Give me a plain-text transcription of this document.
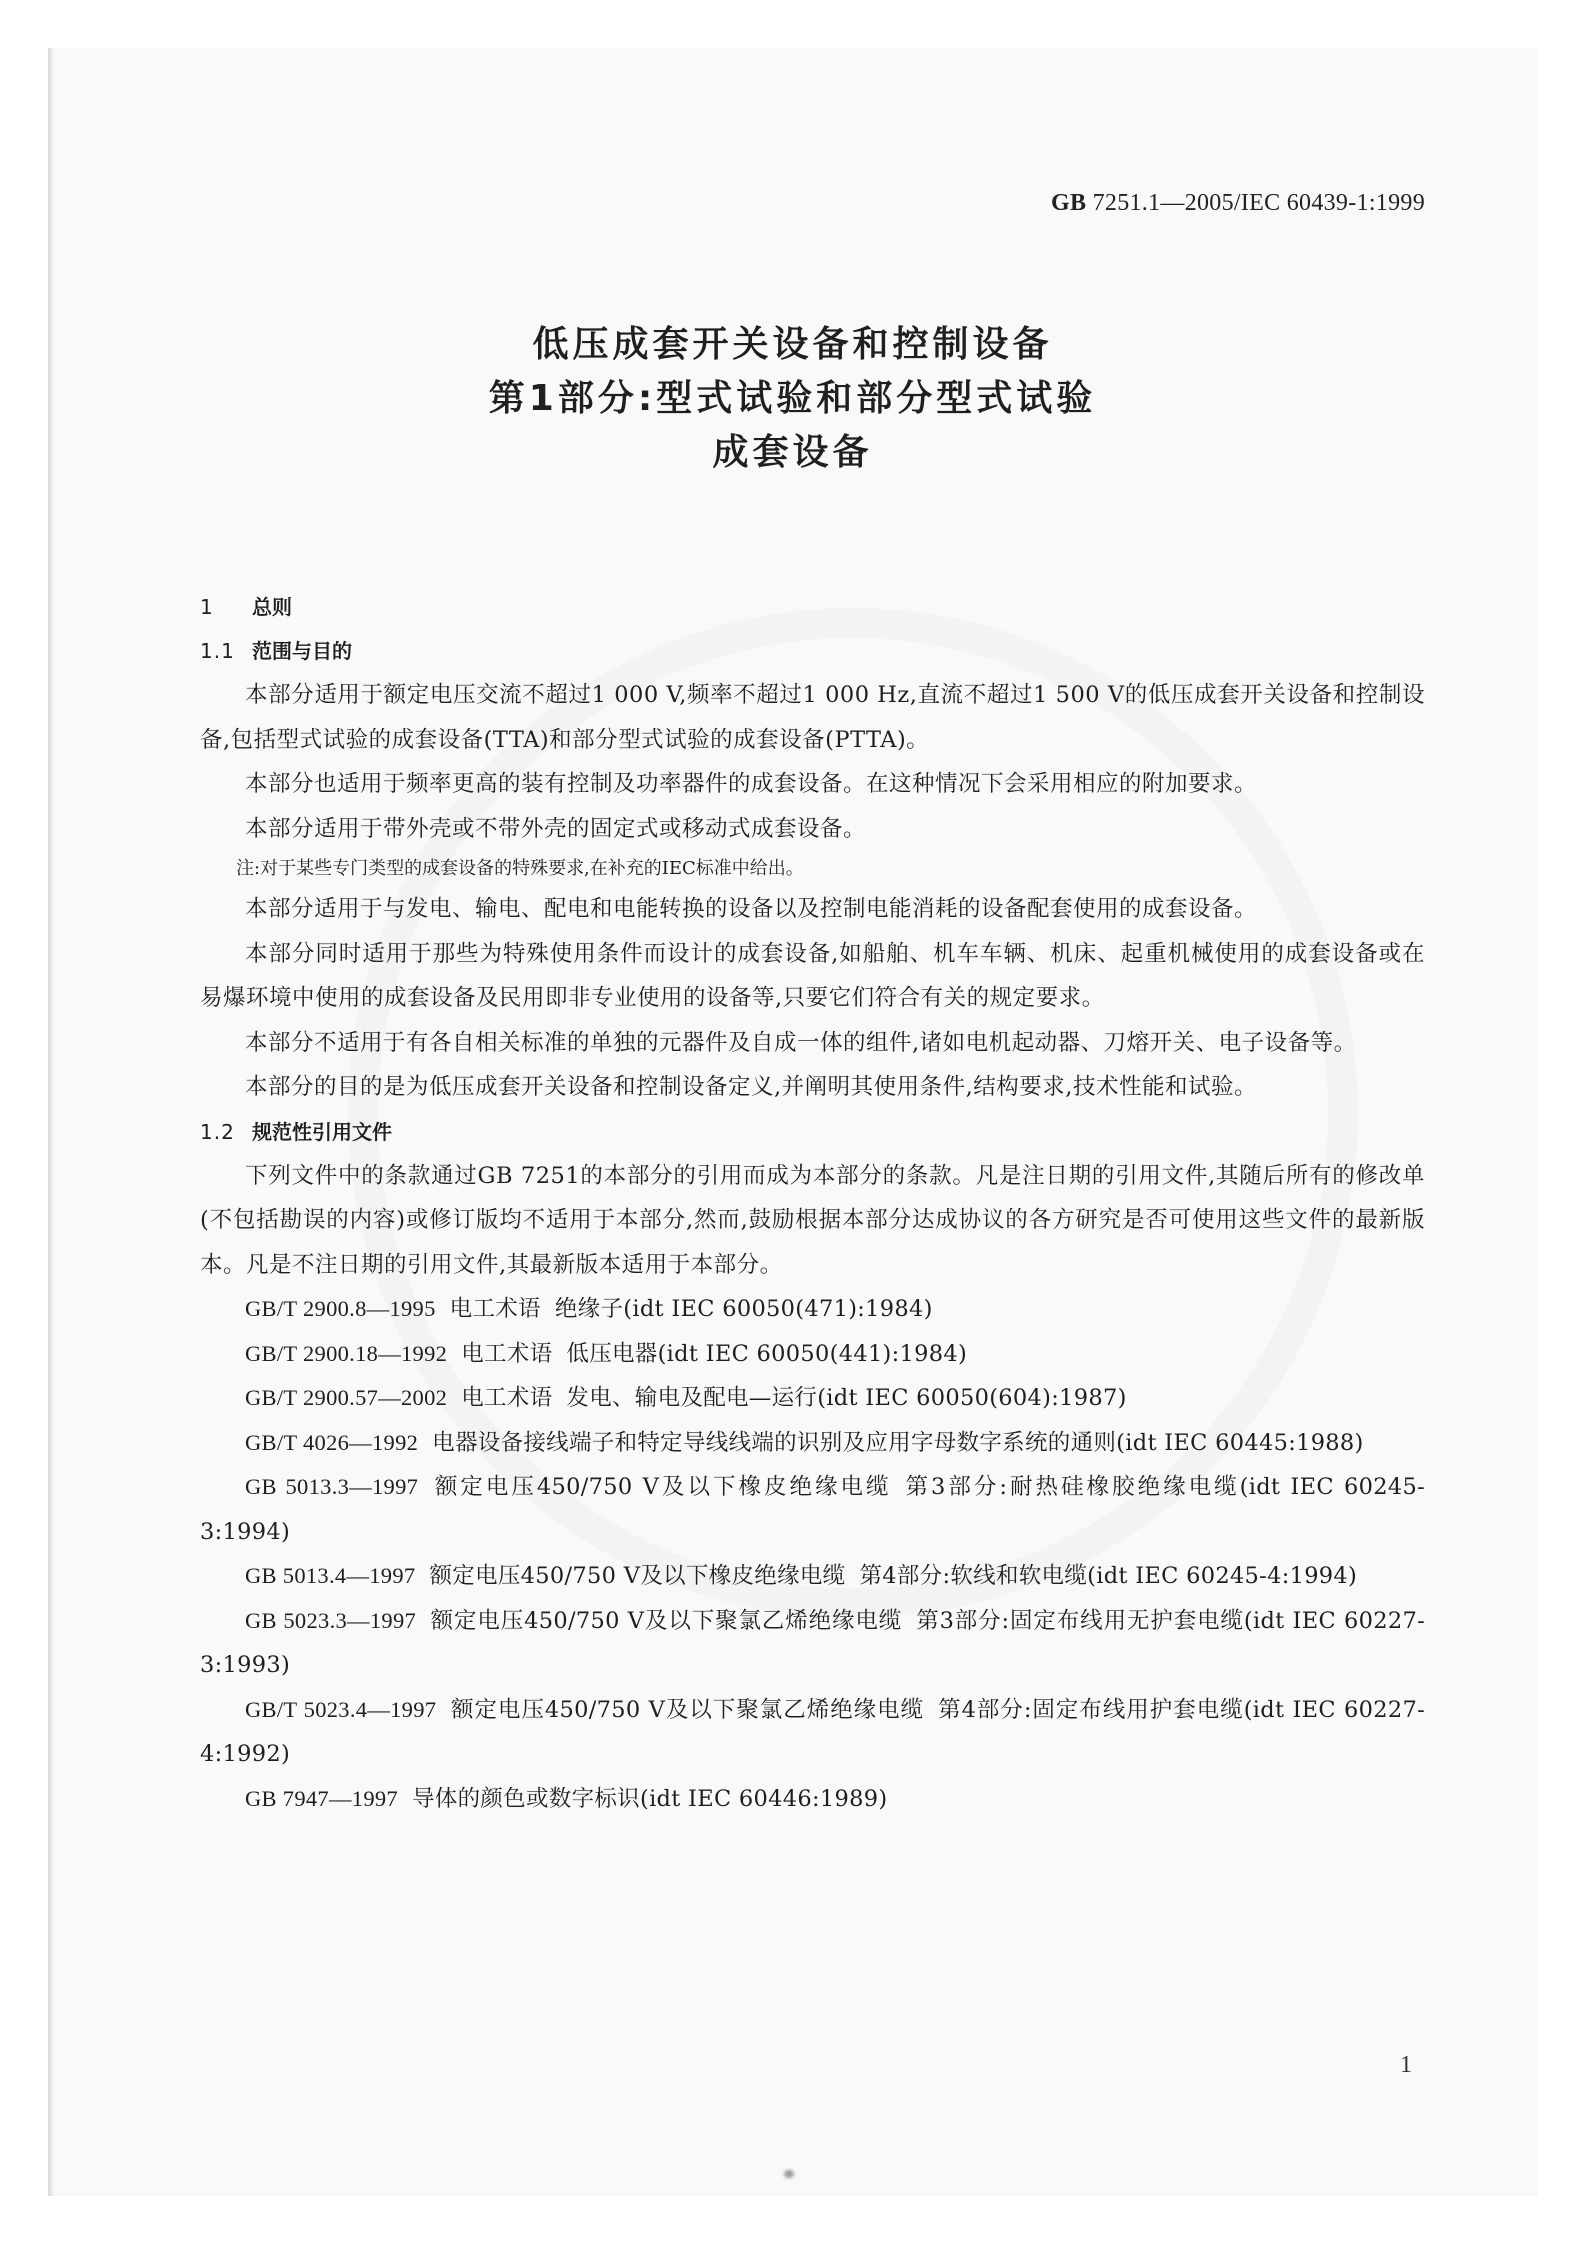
GB 7251.1—2005/IEC 60439-1:1999
低压成套开关设备和控制设备
第1部分:型式试验和部分型式试验
成套设备
1 总则
1.1 范围与目的

本部分适用于额定电压交流不超过1 000 V,频率不超过1 000 Hz,直流不超过1 500 V的低压成套开关设备和控制设备,包括型式试验的成套设备(TTA)和部分型式试验的成套设备(PTTA)。

本部分也适用于频率更高的装有控制及功率器件的成套设备。在这种情况下会采用相应的附加要求。

本部分适用于带外壳或不带外壳的固定式或移动式成套设备。

注:对于某些专门类型的成套设备的特殊要求,在补充的IEC标准中给出。

本部分适用于与发电、输电、配电和电能转换的设备以及控制电能消耗的设备配套使用的成套设备。

本部分同时适用于那些为特殊使用条件而设计的成套设备,如船舶、机车车辆、机床、起重机械使用的成套设备或在易爆环境中使用的成套设备及民用即非专业使用的设备等,只要它们符合有关的规定要求。

本部分不适用于有各自相关标准的单独的元器件及自成一体的组件,诸如电机起动器、刀熔开关、电子设备等。

本部分的目的是为低压成套开关设备和控制设备定义,并阐明其使用条件,结构要求,技术性能和试验。

1.2 规范性引用文件

下列文件中的条款通过GB 7251的本部分的引用而成为本部分的条款。凡是注日期的引用文件,其随后所有的修改单(不包括勘误的内容)或修订版均不适用于本部分,然而,鼓励根据本部分达成协议的各方研究是否可使用这些文件的最新版本。凡是不注日期的引用文件,其最新版本适用于本部分。

GB/T 2900.8—1995 电工术语 绝缘子(idt IEC 60050(471):1984)

GB/T 2900.18—1992 电工术语 低压电器(idt IEC 60050(441):1984)

GB/T 2900.57—2002 电工术语 发电、输电及配电—运行(idt IEC 60050(604):1987)

GB/T 4026—1992 电器设备接线端子和特定导线线端的识别及应用字母数字系统的通则(idt IEC 60445:1988)

GB 5013.3—1997 额定电压450/750 V及以下橡皮绝缘电缆 第3部分:耐热硅橡胶绝缘电缆(idt IEC 60245-3:1994)

GB 5013.4—1997 额定电压450/750 V及以下橡皮绝缘电缆 第4部分:软线和软电缆(idt IEC 60245-4:1994)

GB 5023.3—1997 额定电压450/750 V及以下聚氯乙烯绝缘电缆 第3部分:固定布线用无护套电缆(idt IEC 60227-3:1993)

GB/T 5023.4—1997 额定电压450/750 V及以下聚氯乙烯绝缘电缆 第4部分:固定布线用护套电缆(idt IEC 60227-4:1992)

GB 7947—1997 导体的颜色或数字标识(idt IEC 60446:1989)

1
